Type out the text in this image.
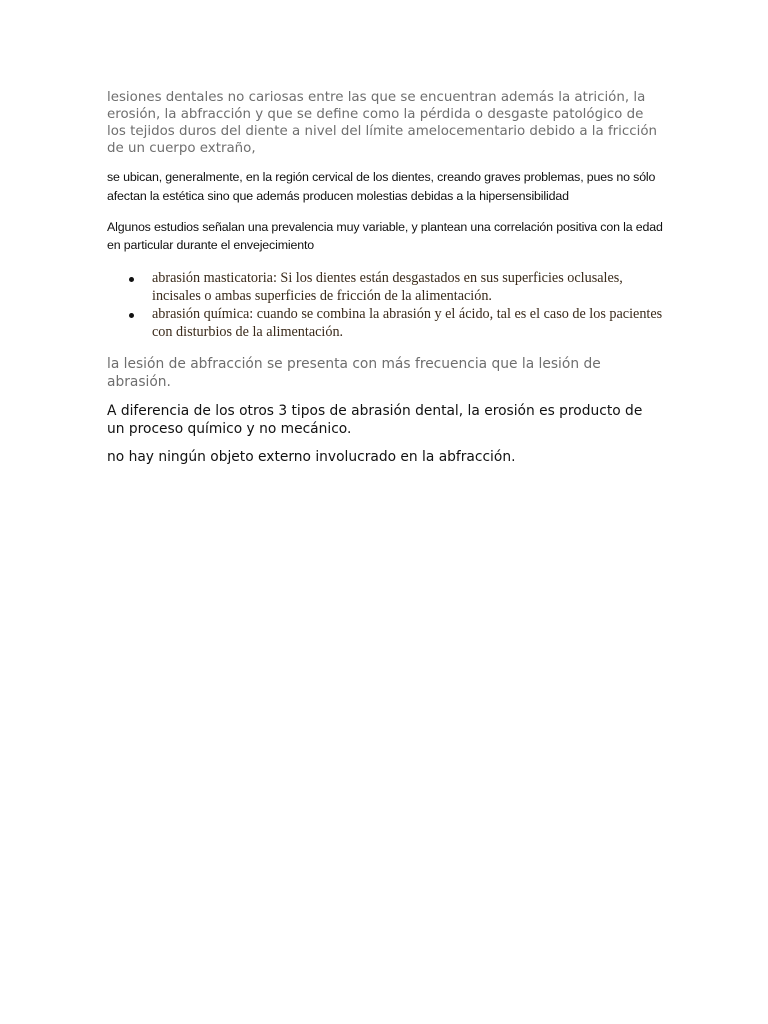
lesiones dentales no cariosas entre las que se encuentran además la atrición, la erosión, la abfracción y que se define como la pérdida o desgaste patológico de los tejidos duros del diente a nivel del límite amelocementario debido a la fricción de un cuerpo extraño,

se ubican, generalmente, en la región cervical de los dientes, creando graves problemas, pues no sólo afectan la estética sino que además producen molestias debidas a la hipersensibilidad

Algunos estudios señalan una prevalencia muy variable, y plantean una correlación positiva con la edad en particular durante el envejecimiento

abrasión masticatoria: Si los dientes están desgastados en sus superficies oclusales, incisales o ambas superficies de fricción de la alimentación.
abrasión química: cuando se combina la abrasión y el ácido, tal es el caso de los pacientes con disturbios de la alimentación.

la lesión de abfracción se presenta con más frecuencia que la lesión de abrasión.

A diferencia de los otros 3 tipos de abrasión dental, la erosión es producto de un proceso químico y no mecánico.

no hay ningún objeto externo involucrado en la abfracción.
